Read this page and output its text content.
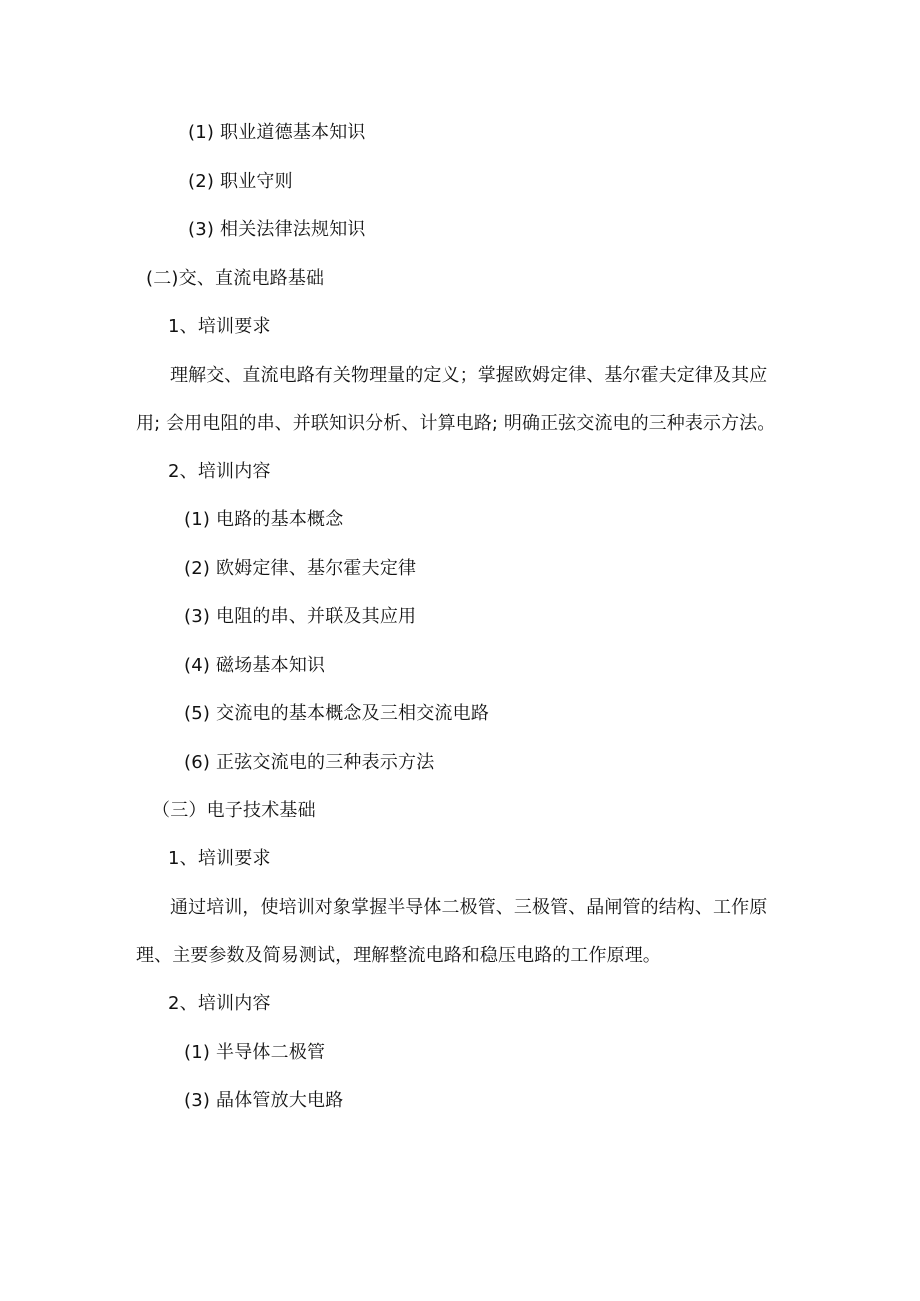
(1) 职业道德基本知识
(2) 职业守则
(3) 相关法律法规知识
(二)交、直流电路基础
1、培训要求
理解交、直流电路有关物理量的定义；掌握欧姆定律、基尔霍夫定律及其应
用; 会用电阻的串、并联知识分析、计算电路; 明确正弦交流电的三种表示方法。
2、培训内容
(1) 电路的基本概念
(2) 欧姆定律、基尔霍夫定律
(3) 电阻的串、并联及其应用
(4) 磁场基本知识
(5) 交流电的基本概念及三相交流电路
(6) 正弦交流电的三种表示方法
（三）电子技术基础
1、培训要求
通过培训，使培训对象掌握半导体二极管、三极管、晶闸管的结构、工作原
理、主要参数及简易测试，理解整流电路和稳压电路的工作原理。
2、培训内容
(1) 半导体二极管
(3) 晶体管放大电路
